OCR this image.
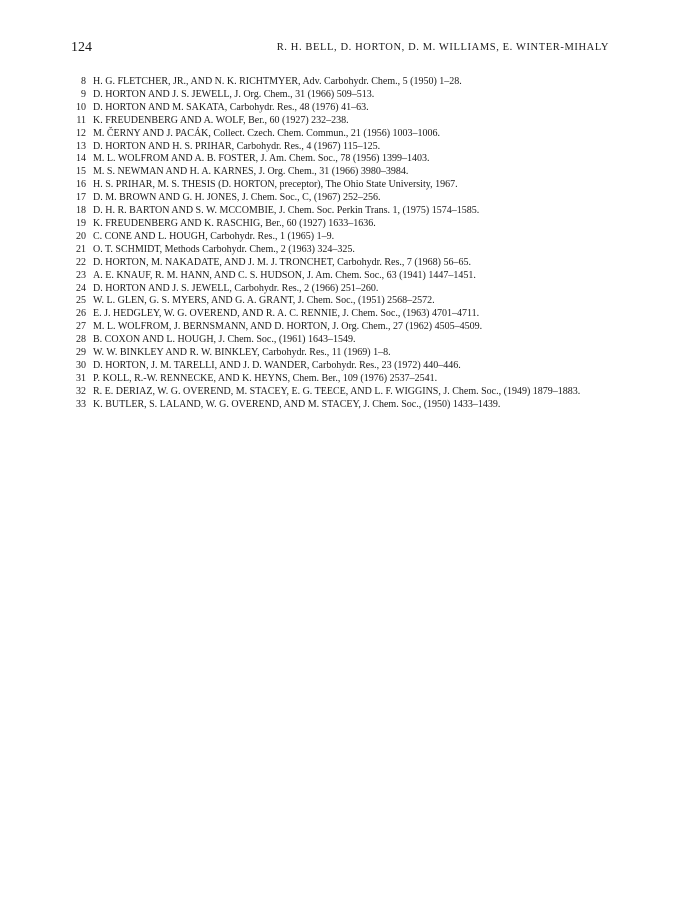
124	R. H. BELL, D. HORTON, D. M. WILLIAMS, E. WINTER-MIHALY
8 H. G. FLETCHER, JR., AND N. K. RICHTMYER, Adv. Carbohydr. Chem., 5 (1950) 1–28.
9 D. HORTON AND J. S. JEWELL, J. Org. Chem., 31 (1966) 509–513.
10 D. HORTON AND M. SAKATA, Carbohydr. Res., 48 (1976) 41–63.
11 K. FREUDENBERG AND A. WOLF, Ber., 60 (1927) 232–238.
12 M. ČERNY AND J. PACÁK, Collect. Czech. Chem. Commun., 21 (1956) 1003–1006.
13 D. HORTON AND H. S. PRIHAR, Carbohydr. Res., 4 (1967) 115–125.
14 M. L. WOLFROM AND A. B. FOSTER, J. Am. Chem. Soc., 78 (1956) 1399–1403.
15 M. S. NEWMAN AND H. A. KARNES, J. Org. Chem., 31 (1966) 3980–3984.
16 H. S. PRIHAR, M. S. THESIS (D. HORTON, preceptor), The Ohio State University, 1967.
17 D. M. BROWN AND G. H. JONES, J. Chem. Soc., C, (1967) 252–256.
18 D. H. R. BARTON AND S. W. MCCOMBIE, J. Chem. Soc. Perkin Trans. 1, (1975) 1574–1585.
19 K. FREUDENBERG AND K. RASCHIG, Ber., 60 (1927) 1633–1636.
20 C. CONE AND L. HOUGH, Carbohydr. Res., 1 (1965) 1–9.
21 O. T. SCHMIDT, Methods Carbohydr. Chem., 2 (1963) 324–325.
22 D. HORTON, M. NAKADATE, AND J. M. J. TRONCHET, Carbohydr. Res., 7 (1968) 56–65.
23 A. E. KNAUF, R. M. HANN, AND C. S. HUDSON, J. Am. Chem. Soc., 63 (1941) 1447–1451.
24 D. HORTON AND J. S. JEWELL, Carbohydr. Res., 2 (1966) 251–260.
25 W. L. GLEN, G. S. MYERS, AND G. A. GRANT, J. Chem. Soc., (1951) 2568–2572.
26 E. J. HEDGLEY, W. G. OVEREND, AND R. A. C. RENNIE, J. Chem. Soc., (1963) 4701–4711.
27 M. L. WOLFROM, J. BERNSMANN, AND D. HORTON, J. Org. Chem., 27 (1962) 4505–4509.
28 B. COXON AND L. HOUGH, J. Chem. Soc., (1961) 1643–1549.
29 W. W. BINKLEY AND R. W. BINKLEY, Carbohydr. Res., 11 (1969) 1–8.
30 D. HORTON, J. M. TARELLI, AND J. D. WANDER, Carbohydr. Res., 23 (1972) 440–446.
31 P. KOLL, R.-W. RENNECKE, AND K. HEYNS, Chem. Ber., 109 (1976) 2537–2541.
32 R. E. DERIAZ, W. G. OVEREND, M. STACEY, E. G. TEECE, AND L. F. WIGGINS, J. Chem. Soc., (1949) 1879–1883.
33 K. BUTLER, S. LALAND, W. G. OVEREND, AND M. STACEY, J. Chem. Soc., (1950) 1433–1439.
